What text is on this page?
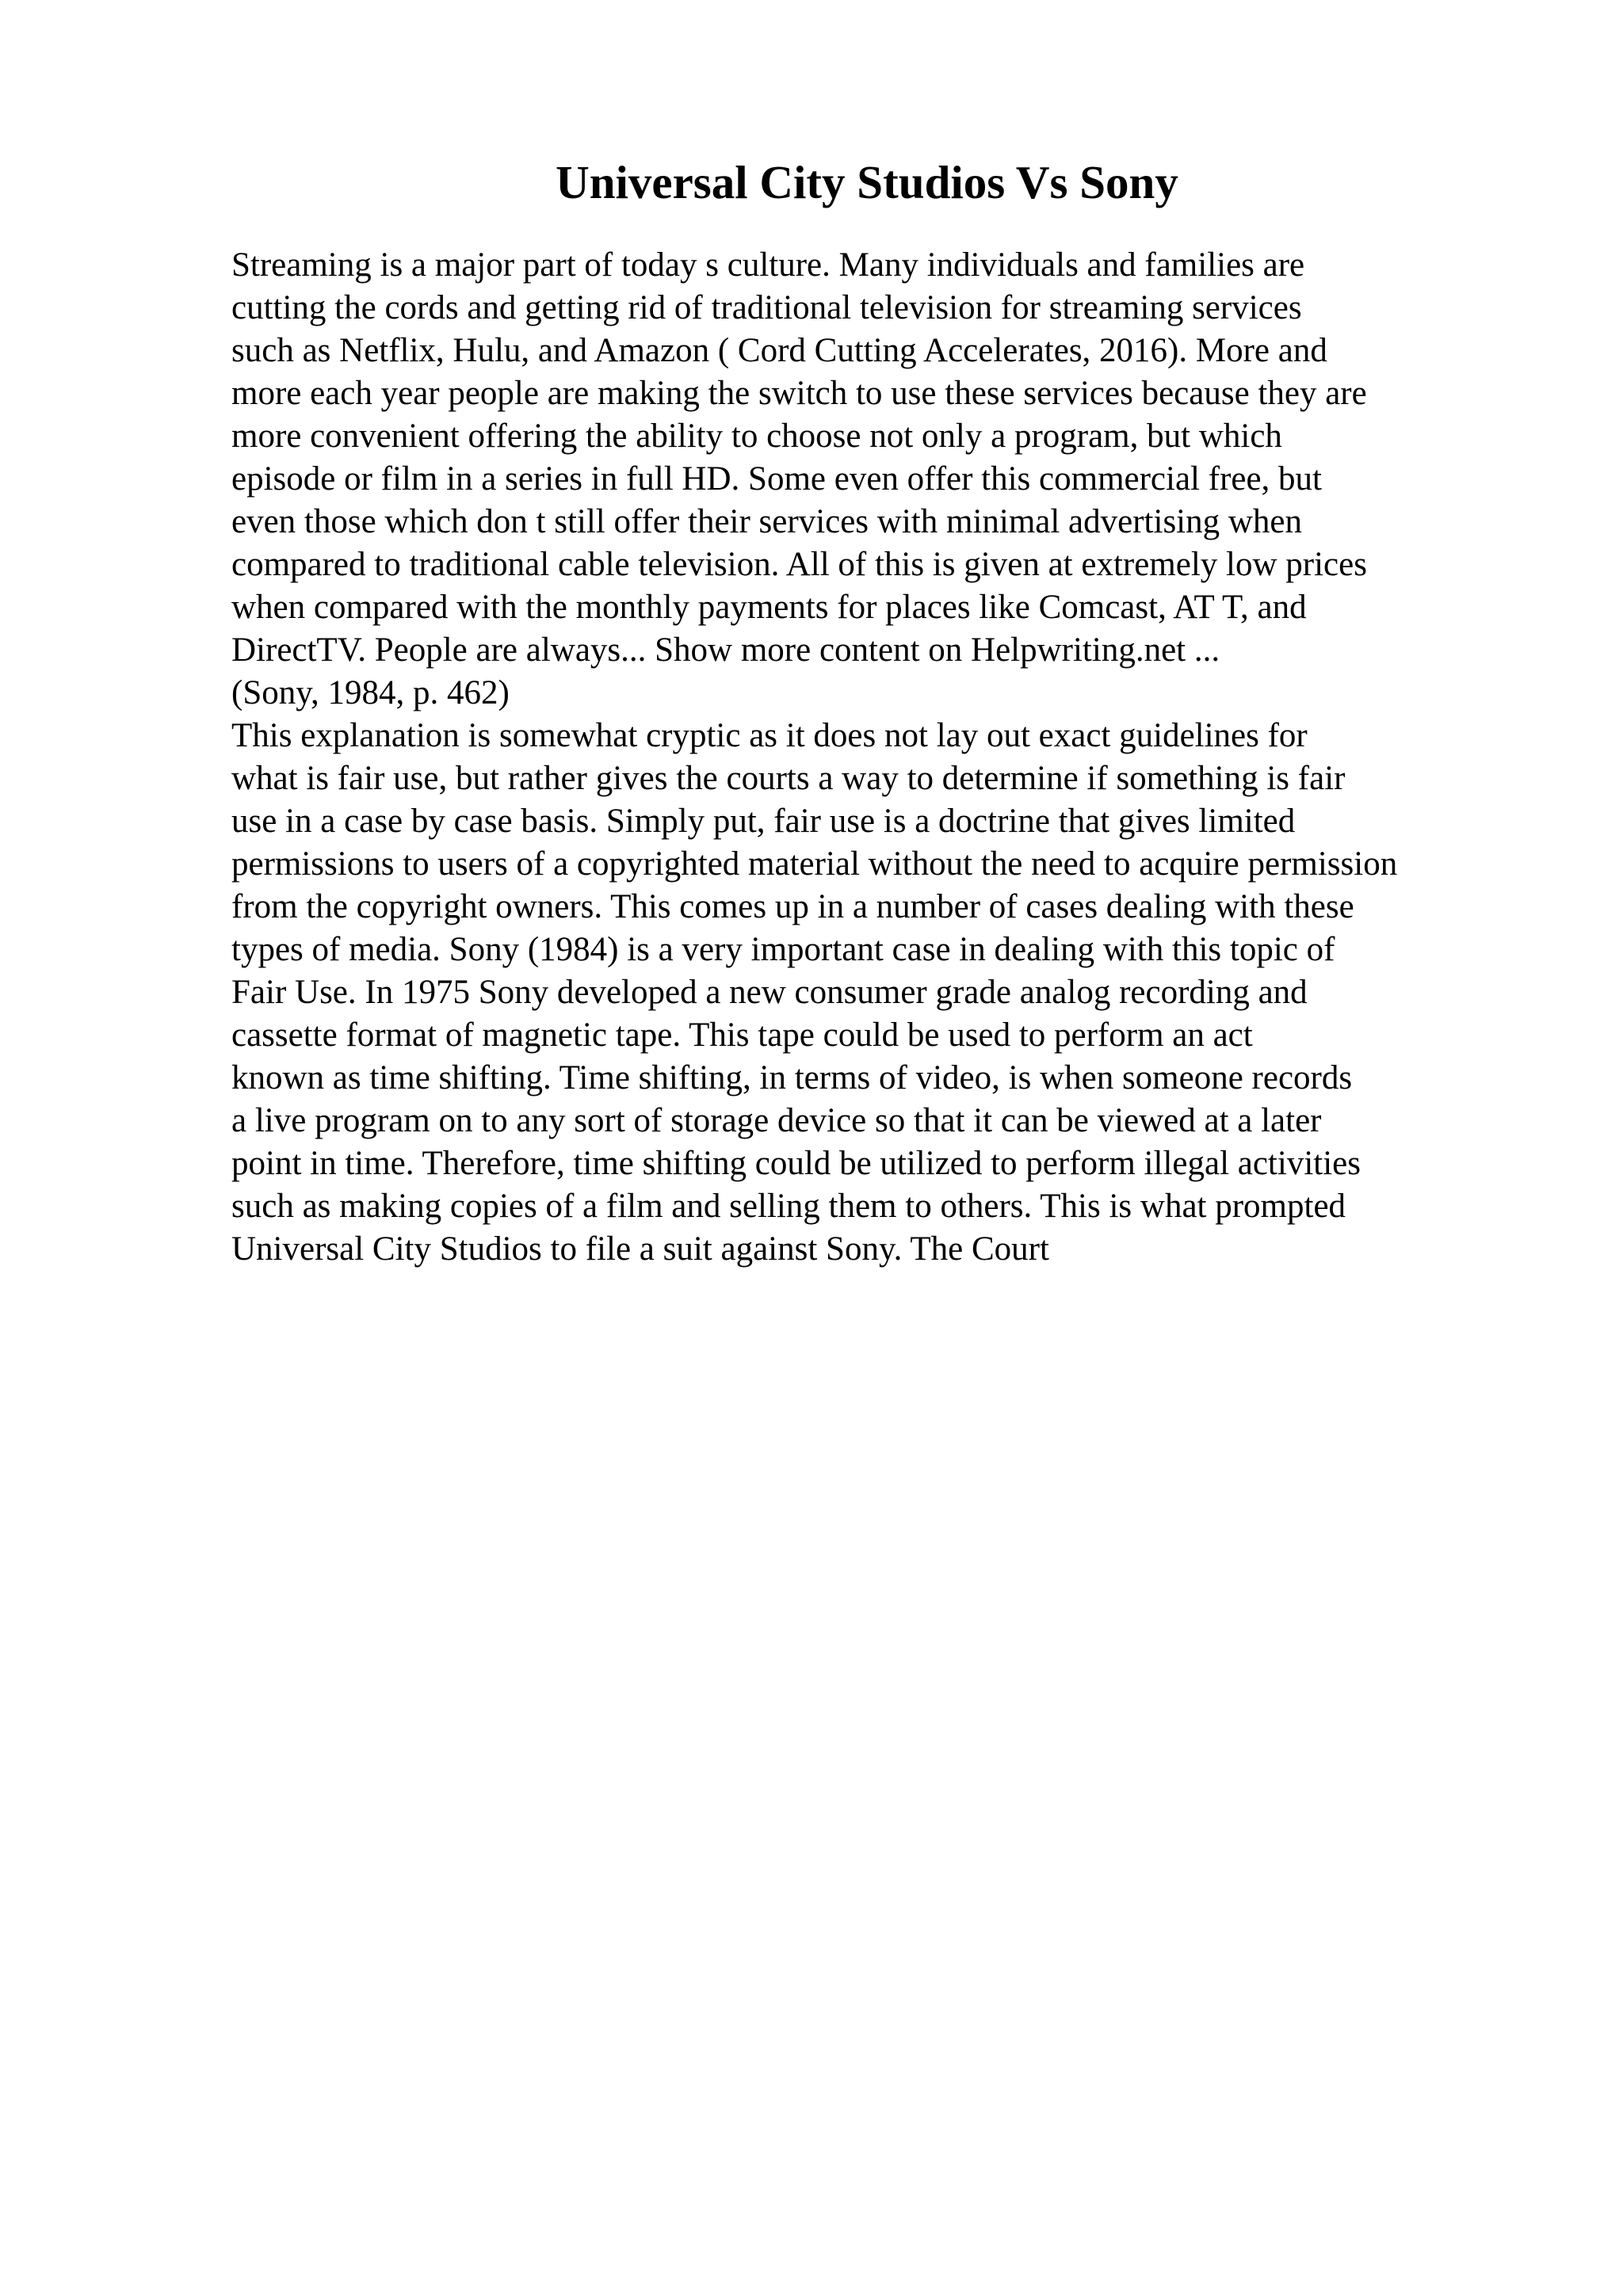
Universal City Studios Vs Sony
Streaming is a major part of today s culture. Many individuals and families are
cutting the cords and getting rid of traditional television for streaming services
such as Netflix, Hulu, and Amazon ( Cord Cutting Accelerates, 2016). More and
more each year people are making the switch to use these services because they are
more convenient offering the ability to choose not only a program, but which
episode or film in a series in full HD. Some even offer this commercial free, but
even those which don t still offer their services with minimal advertising when
compared to traditional cable television. All of this is given at extremely low prices
when compared with the monthly payments for places like Comcast, AT T, and
DirectTV. People are always... Show more content on Helpwriting.net ...
(Sony, 1984, p. 462)
This explanation is somewhat cryptic as it does not lay out exact guidelines for
what is fair use, but rather gives the courts a way to determine if something is fair
use in a case by case basis. Simply put, fair use is a doctrine that gives limited
permissions to users of a copyrighted material without the need to acquire permission
from the copyright owners. This comes up in a number of cases dealing with these
types of media. Sony (1984) is a very important case in dealing with this topic of
Fair Use. In 1975 Sony developed a new consumer grade analog recording and
cassette format of magnetic tape. This tape could be used to perform an act
known as time shifting. Time shifting, in terms of video, is when someone records
a live program on to any sort of storage device so that it can be viewed at a later
point in time. Therefore, time shifting could be utilized to perform illegal activities
such as making copies of a film and selling them to others. This is what prompted
Universal City Studios to file a suit against Sony. The Court
